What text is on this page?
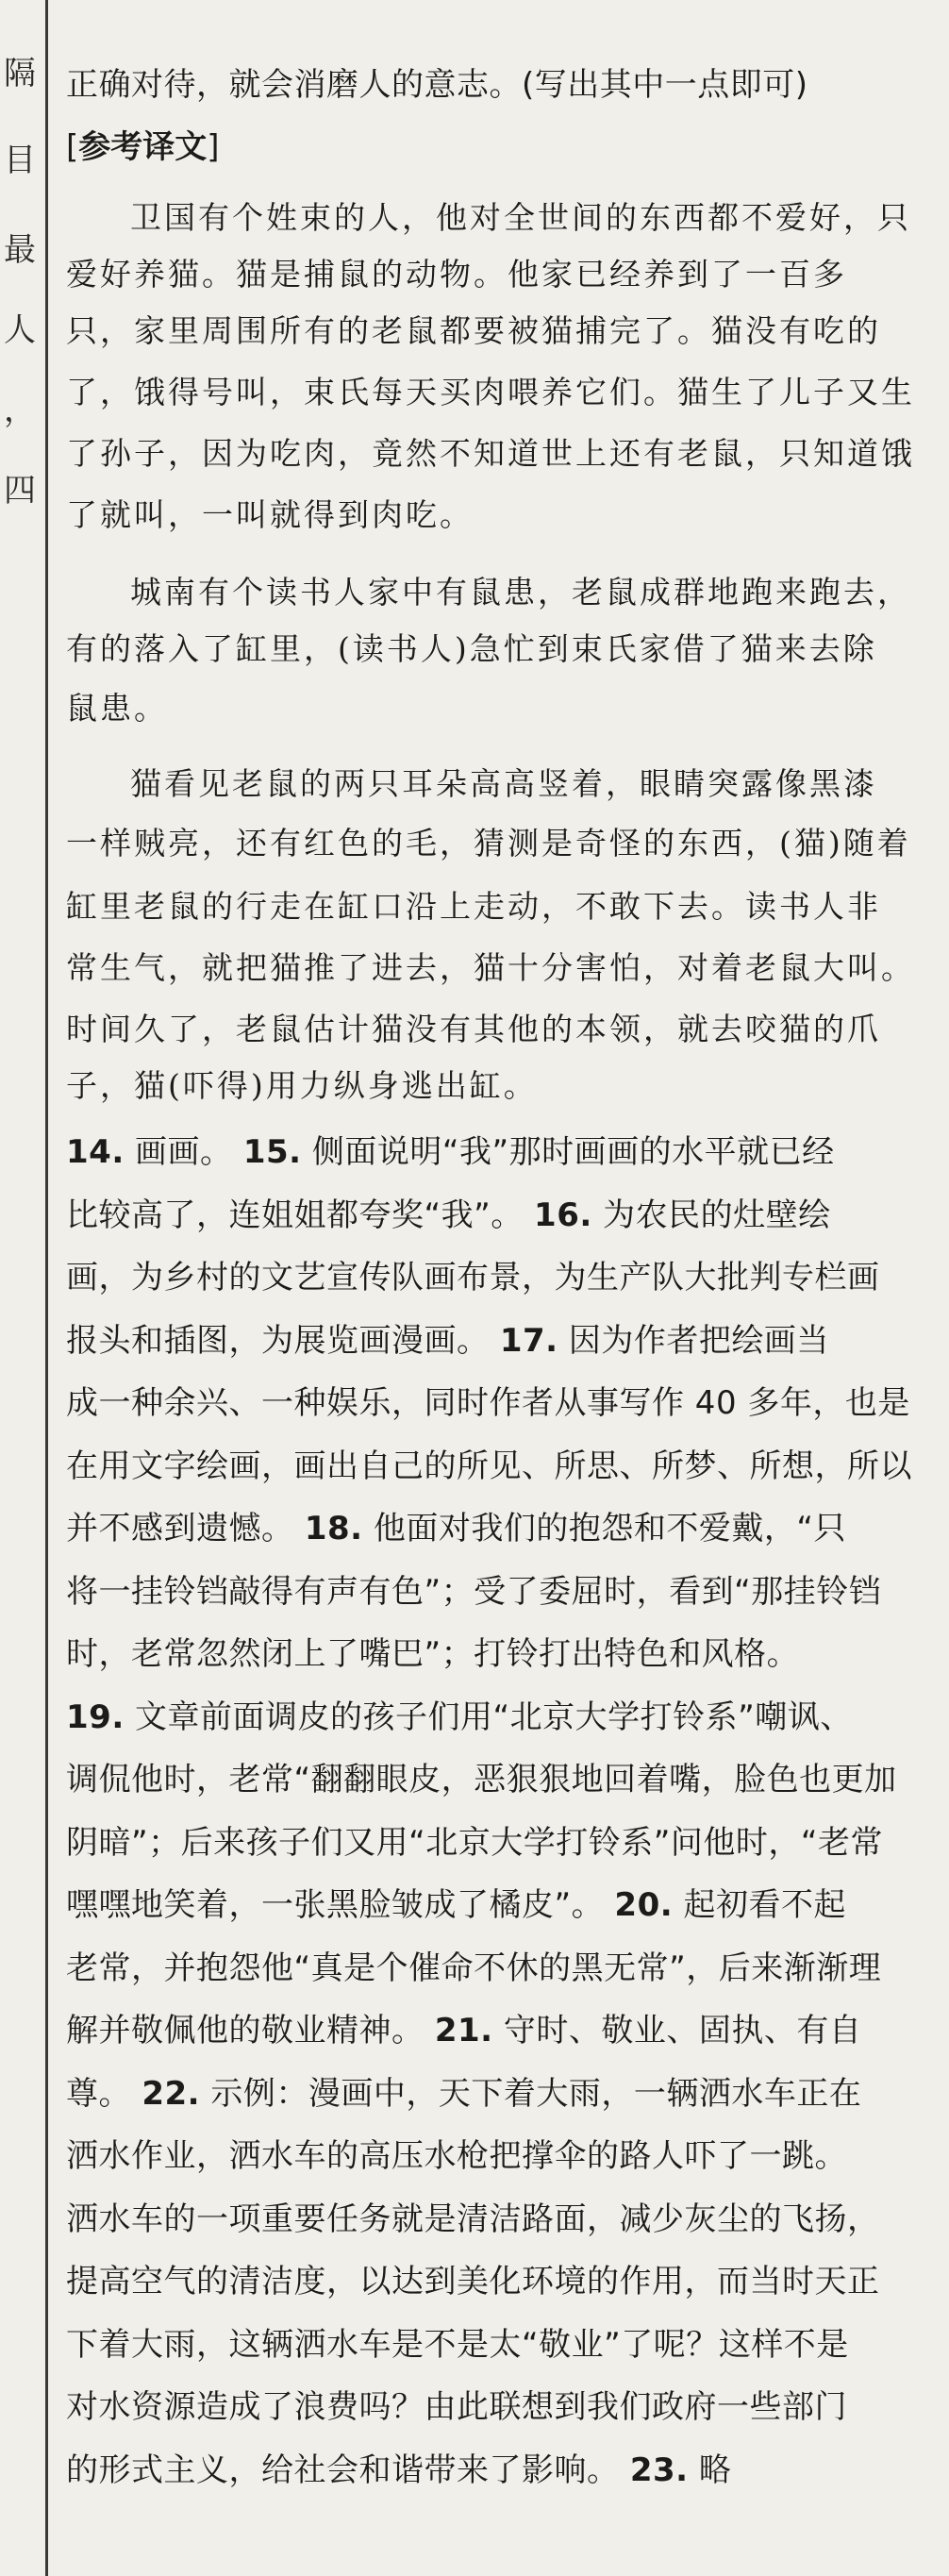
隔
目
最
人
，
四
正确对待，就会消磨人的意志。(写出其中一点即可)
[参考译文]
卫国有个姓束的人，他对全世间的东西都不爱好，只
爱好养猫。猫是捕鼠的动物。他家已经养到了一百多
只，家里周围所有的老鼠都要被猫捕完了。猫没有吃的
了，饿得号叫，束氏每天买肉喂养它们。猫生了儿子又生
了孙子，因为吃肉，竟然不知道世上还有老鼠，只知道饿
了就叫，一叫就得到肉吃。
城南有个读书人家中有鼠患，老鼠成群地跑来跑去，
有的落入了缸里，(读书人)急忙到束氏家借了猫来去除
鼠患。
猫看见老鼠的两只耳朵高高竖着，眼睛突露像黑漆
一样贼亮，还有红色的毛，猜测是奇怪的东西，(猫)随着
缸里老鼠的行走在缸口沿上走动，不敢下去。读书人非
常生气，就把猫推了进去，猫十分害怕，对着老鼠大叫。
时间久了，老鼠估计猫没有其他的本领，就去咬猫的爪
子，猫(吓得)用力纵身逃出缸。
14. 画画。 15. 侧面说明“我”那时画画的水平就已经
比较高了，连姐姐都夸奖“我”。 16. 为农民的灶壁绘
画，为乡村的文艺宣传队画布景，为生产队大批判专栏画
报头和插图，为展览画漫画。 17. 因为作者把绘画当
成一种余兴、一种娱乐，同时作者从事写作 40 多年，也是
在用文字绘画，画出自己的所见、所思、所梦、所想，所以
并不感到遗憾。 18. 他面对我们的抱怨和不爱戴，“只
将一挂铃铛敲得有声有色”；受了委屈时，看到“那挂铃铛
时，老常忽然闭上了嘴巴”；打铃打出特色和风格。
19. 文章前面调皮的孩子们用“北京大学打铃系”嘲讽、
调侃他时，老常“翻翻眼皮，恶狠狠地回着嘴，脸色也更加
阴暗”；后来孩子们又用“北京大学打铃系”问他时，“老常
嘿嘿地笑着，一张黑脸皱成了橘皮”。 20. 起初看不起
老常，并抱怨他“真是个催命不休的黑无常”，后来渐渐理
解并敬佩他的敬业精神。 21. 守时、敬业、固执、有自
尊。 22. 示例：漫画中，天下着大雨，一辆洒水车正在
洒水作业，洒水车的高压水枪把撑伞的路人吓了一跳。
洒水车的一项重要任务就是清洁路面，减少灰尘的飞扬，
提高空气的清洁度，以达到美化环境的作用，而当时天正
下着大雨，这辆洒水车是不是太“敬业”了呢？这样不是
对水资源造成了浪费吗？由此联想到我们政府一些部门
的形式主义，给社会和谐带来了影响。 23. 略
